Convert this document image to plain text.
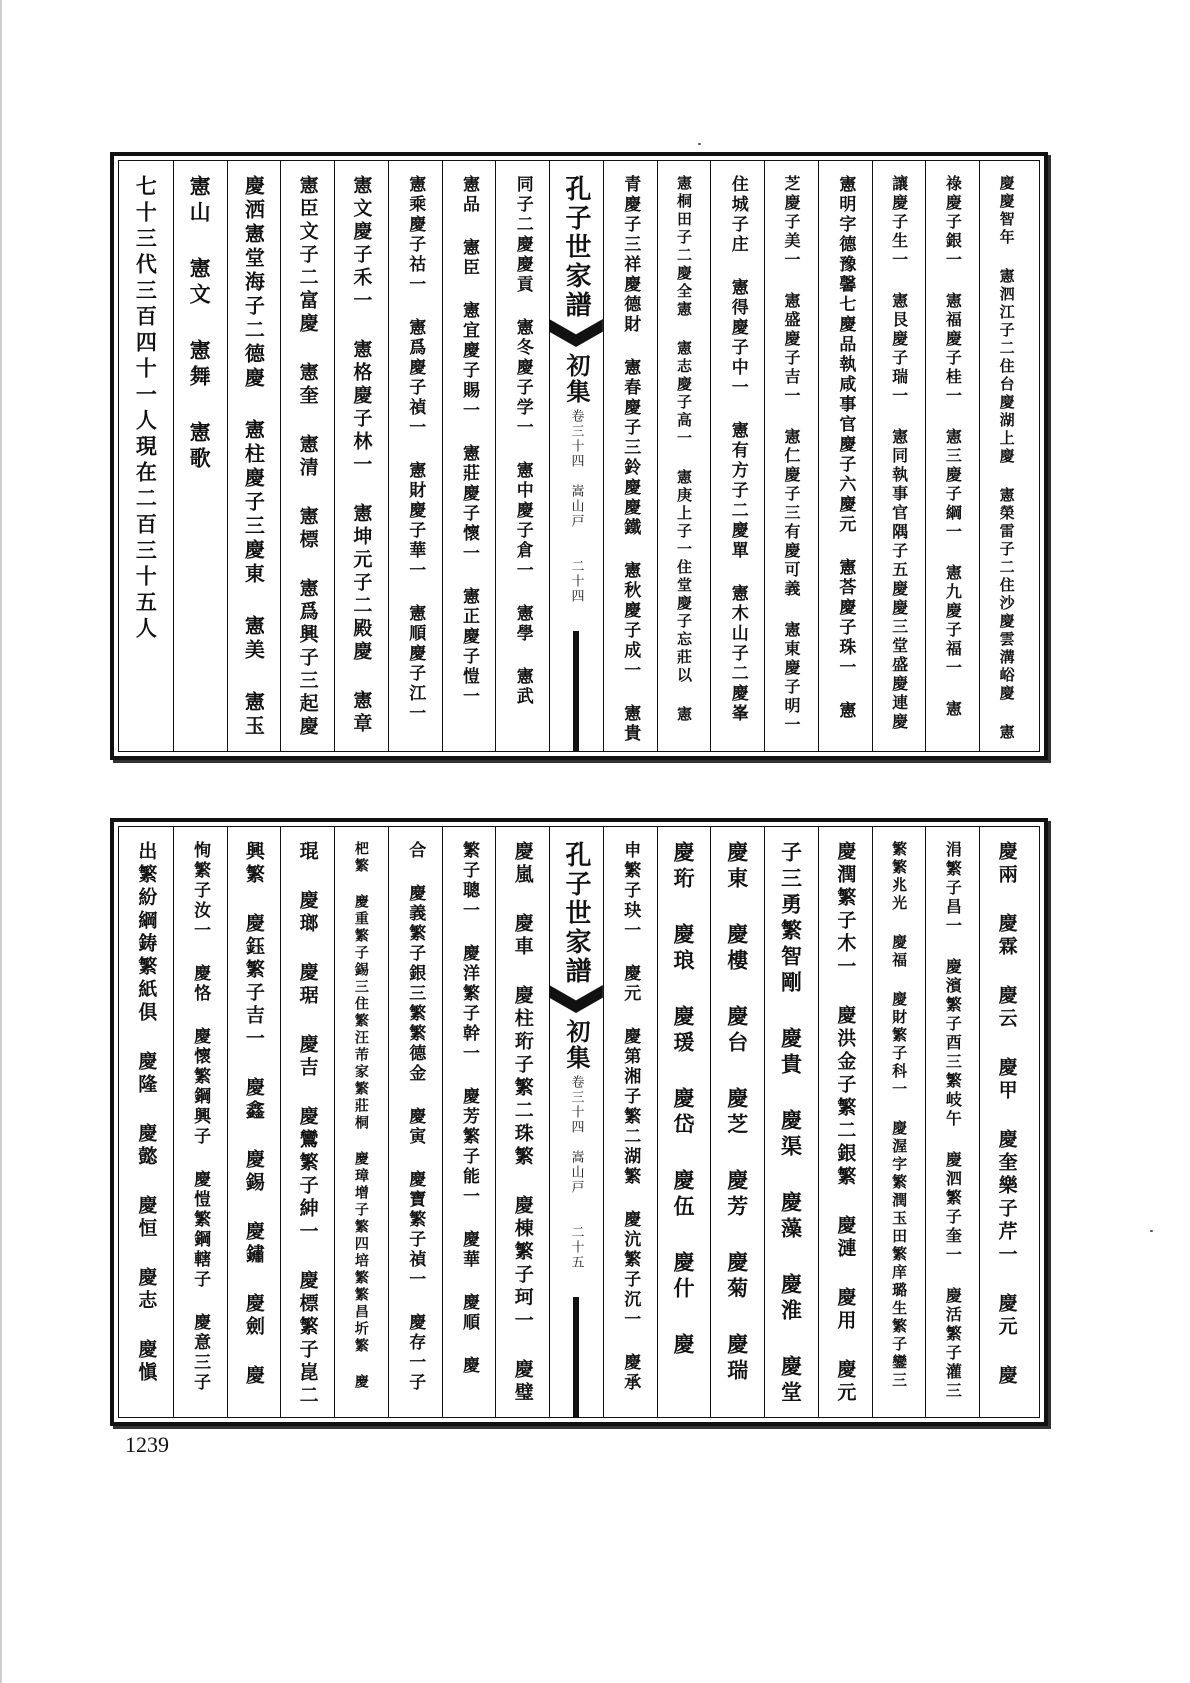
七十三代三百四十一人現在二百三十五人 憲山 憲文 憲舞 憲歌 慶洒憲堂海子二德慶 憲柱慶子三慶東 憲美 憲玉 憲臣文子二富慶 憲奎 憲清 憲標 憲爲興子三起慶 憲文慶子禾一 憲格慶子林一 憲坤元子二殿慶 憲章 憲乘慶子祜一 憲爲慶子禎一 憲財慶子華一 憲順慶子江一 憲品 憲臣 憲宜慶子賜一 憲莊慶子懷一 憲正慶子愷一 同子二慶慶貢 憲冬慶子学一 憲中慶子倉一 憲學 憲武 孔子世家譜
初集
卷三十四　嵩山戸
二十四 青慶子三祥慶德財 憲春慶子三鈴慶慶鐵 憲秋慶子成一 憲貴 憲桐田子二慶全憲 憲志慶子高一 憲庚上子一住堂慶子忘莊以 憲 住城子庄 憲得慶子中一 憲有方子二慶單 憲木山子二慶峯 芝慶子美一 憲盛慶子吉一 憲仁慶子三有慶可義 憲東慶子明一 憲明字德豫馨七慶品執咸事官慶子六慶元 憲荅慶子珠一 憲 讓慶子生一 憲艮慶子瑞一 憲同執事官隅子五慶慶三堂盛慶連慶 祿慶子銀一 憲福慶子桂一 憲三慶子綱一 憲九慶子福一 憲 慶慶智年 憲泗江子二住台慶湖上慶 憲榮雷子二住沙慶雲溝峪慶 憲
出繁紛綱鋳繁紙俱 慶隆 慶懿 慶恒 慶志 慶愼 恂繁子汝一 慶恪 慶懷繁鋼興子 慶愷繁鋼轄子 慶意三子 興繁 慶鈺繁子吉一 慶鑫 慶錫 慶鏽 慶劍 慶 琨 慶瑯 慶琚 慶吉 慶鸞繁子紳一 慶標繁子崑二 杷繁 慶重繁子錫三住繁汪芾家繁莊桐 慶璋增子繁四培繁繁昌圻繁 慶 合 慶義繁子銀三繁繁德金 慶寅 慶寶繁子禎一 慶存一子 繁子聰一 慶洋繁子幹一 慶芳繁子能一 慶華 慶順 慶 慶嵐 慶車 慶柱珩子繁二珠繁 慶棟繁子珂一 慶璧 孔子世家譜
初集
卷三十四　嵩山戸
二十五 申繁子玦一 慶元 慶第湘子繁二湖繁 慶沆繁子沉一 慶承 慶珩 慶琅 慶瑗 慶岱 慶伍 慶什 慶 慶東 慶樓 慶台 慶芝 慶芳 慶菊 慶瑞 子三勇繁智剛 慶貴 慶渠 慶藻 慶淮 慶堂 慶潤繁子木一 慶洪金子繁二銀繁 慶漣 慶用 慶元 繁繁兆光 慶福 慶財繁子科一 慶渥字繁潤玉田繁庠璐生繁子鑾三 涓繁子昌一 慶濱繁子酉三繁岐午 慶泗繁子奎一 慶活繁子灌三 慶兩 慶霖 慶云 慶甲 慶奎樂子芹一 慶元 慶
1239
